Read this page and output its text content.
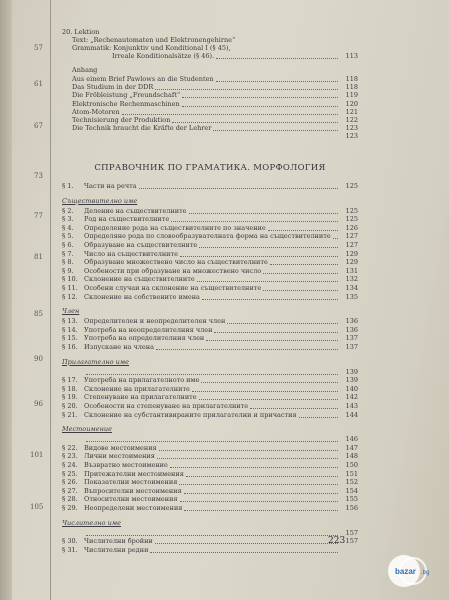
57
61
67
73
77
81
85
90
96
101
105
20. Lektion
Text: „Rechenautomaten und Elektronengehirne“
Grammatik: Konjunktiv und Konditional I (§ 45),
Irreale Konditionalsätze (§ 46).	113
Anhang
Aus einem Brief Pawlows an die Studenten	118
Das Studium in der DDR	118
Die Fröbleistung „Freundschaft“	119
Elektronische Rechenmaschinen	120
Atom-Motoren	121
Technisierung der Produktion	122
Die Technik braucht die Kräfte der Lehrer	123
123
СПРАВОЧНИК ПО ГРАМАТИКА. МОРФОЛОГИЯ
§ 1.	Части на речта	125
Съществително име
§ 2.	Деление на съществителните	125
§ 3.	Род на съществителните	125
§ 4.	Определение рода на съществителните по значение	126
§ 5.	Определяне рода по словообразувателната форма на съществителните	127
§ 6.	Образуване на съществителните	127
§ 7.	Число на съществителните	129
§ 8.	Образуване множествено число на съществителните	129
§ 9.	Особености при образуване на множествено число	131
§ 10. Склонение на съществителните	132
§ 11. Особени случаи на склонение на съществителните	134
§ 12. Склонение на собствените имена	135
Член
§ 13. Определителен и неопределителен член	136
§ 14. Употреба на неопределителния член	136
§ 15. Употреба на определителния член	137
§ 16. Изпускане на члена	137
Прилагателно име
139
§ 17. Употреба на прилагателното име	139
§ 18. Склонение на прилагателните	140
§ 19. Степенуване на прилагателните	142
§ 20. Особености на степенуване на прилагателните	143
§ 21. Склонение на субстантивираните прилагателни и причастия	144
Местоимение
146
§ 22. Видове местоимения	147
§ 23. Лични местоимения	148
§ 24. Възвратно местоимение	150
§ 25. Притежателни местоимения	151
§ 26. Показателни местоимения	152
§ 27. Въпросителни местоимения	154
§ 28. Относителни местоимения	155
§ 29. Неопределени местоимения	156
Числително име
157
§ 30. Числителни бройни	157
§ 31. Числителни редни
223
bazar .bg
